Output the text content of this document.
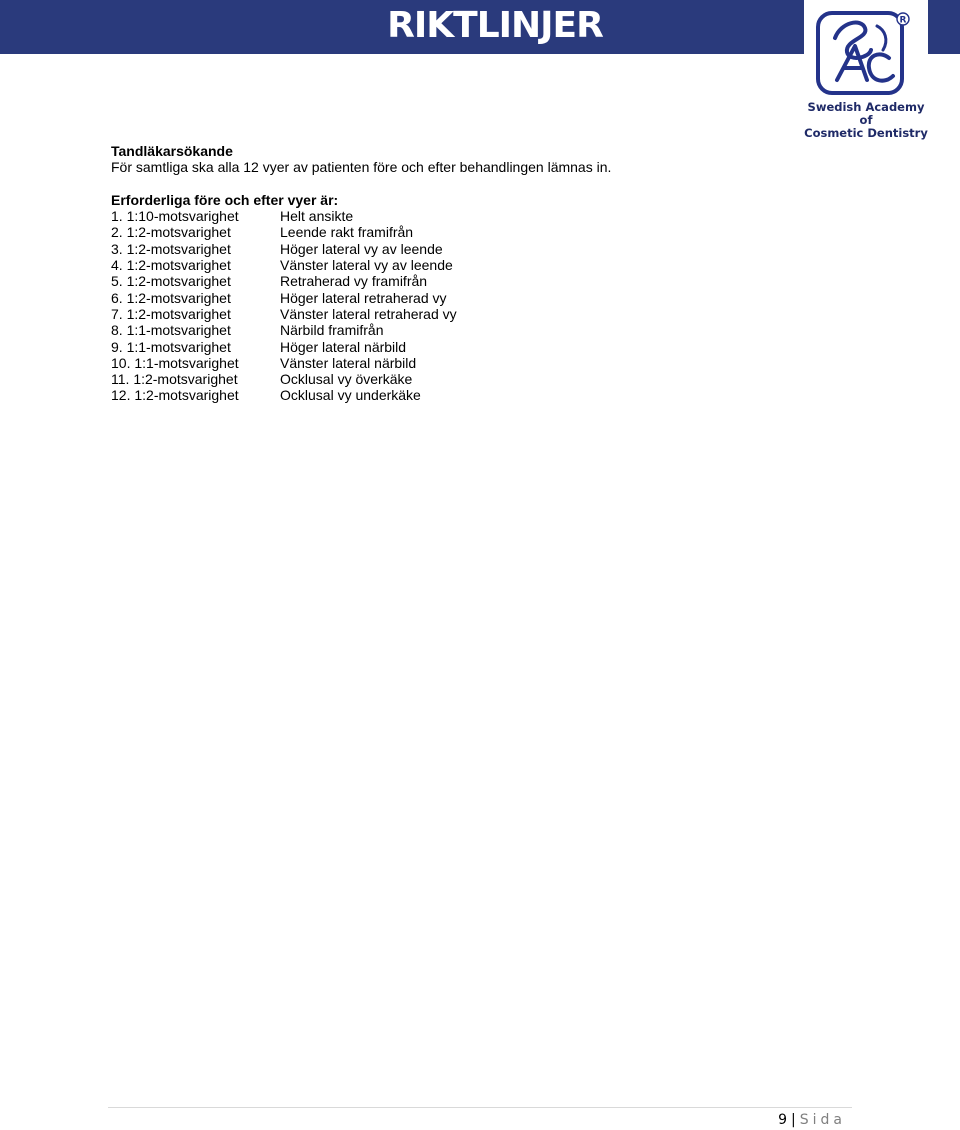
RIKTLINJER	R
Swedish Academy of
Cosmetic Dentistry
Tandläkarsökande

För samtliga ska alla 12 vyer av patienten före och efter behandlingen lämnas in.

Erforderliga före och efter vyer är:
1. 1:10-motsvarighet	Helt ansikte
2. 1:2-motsvarighet	Leende rakt framifrån
3. 1:2-motsvarighet	Höger lateral vy av leende
4. 1:2-motsvarighet	Vänster lateral vy av leende
5. 1:2-motsvarighet	Retraherad vy framifrån
6. 1:2-motsvarighet	Höger lateral retraherad vy
7. 1:2-motsvarighet	Vänster lateral retraherad vy
8. 1:1-motsvarighet	Närbild framifrån
9. 1:1-motsvarighet	Höger lateral närbild
10. 1:1-motsvarighet	Vänster lateral närbild
11. 1:2-motsvarighet	Ocklusal vy överkäke
12. 1:2-motsvarighet	Ocklusal vy underkäke
9 | Sida
